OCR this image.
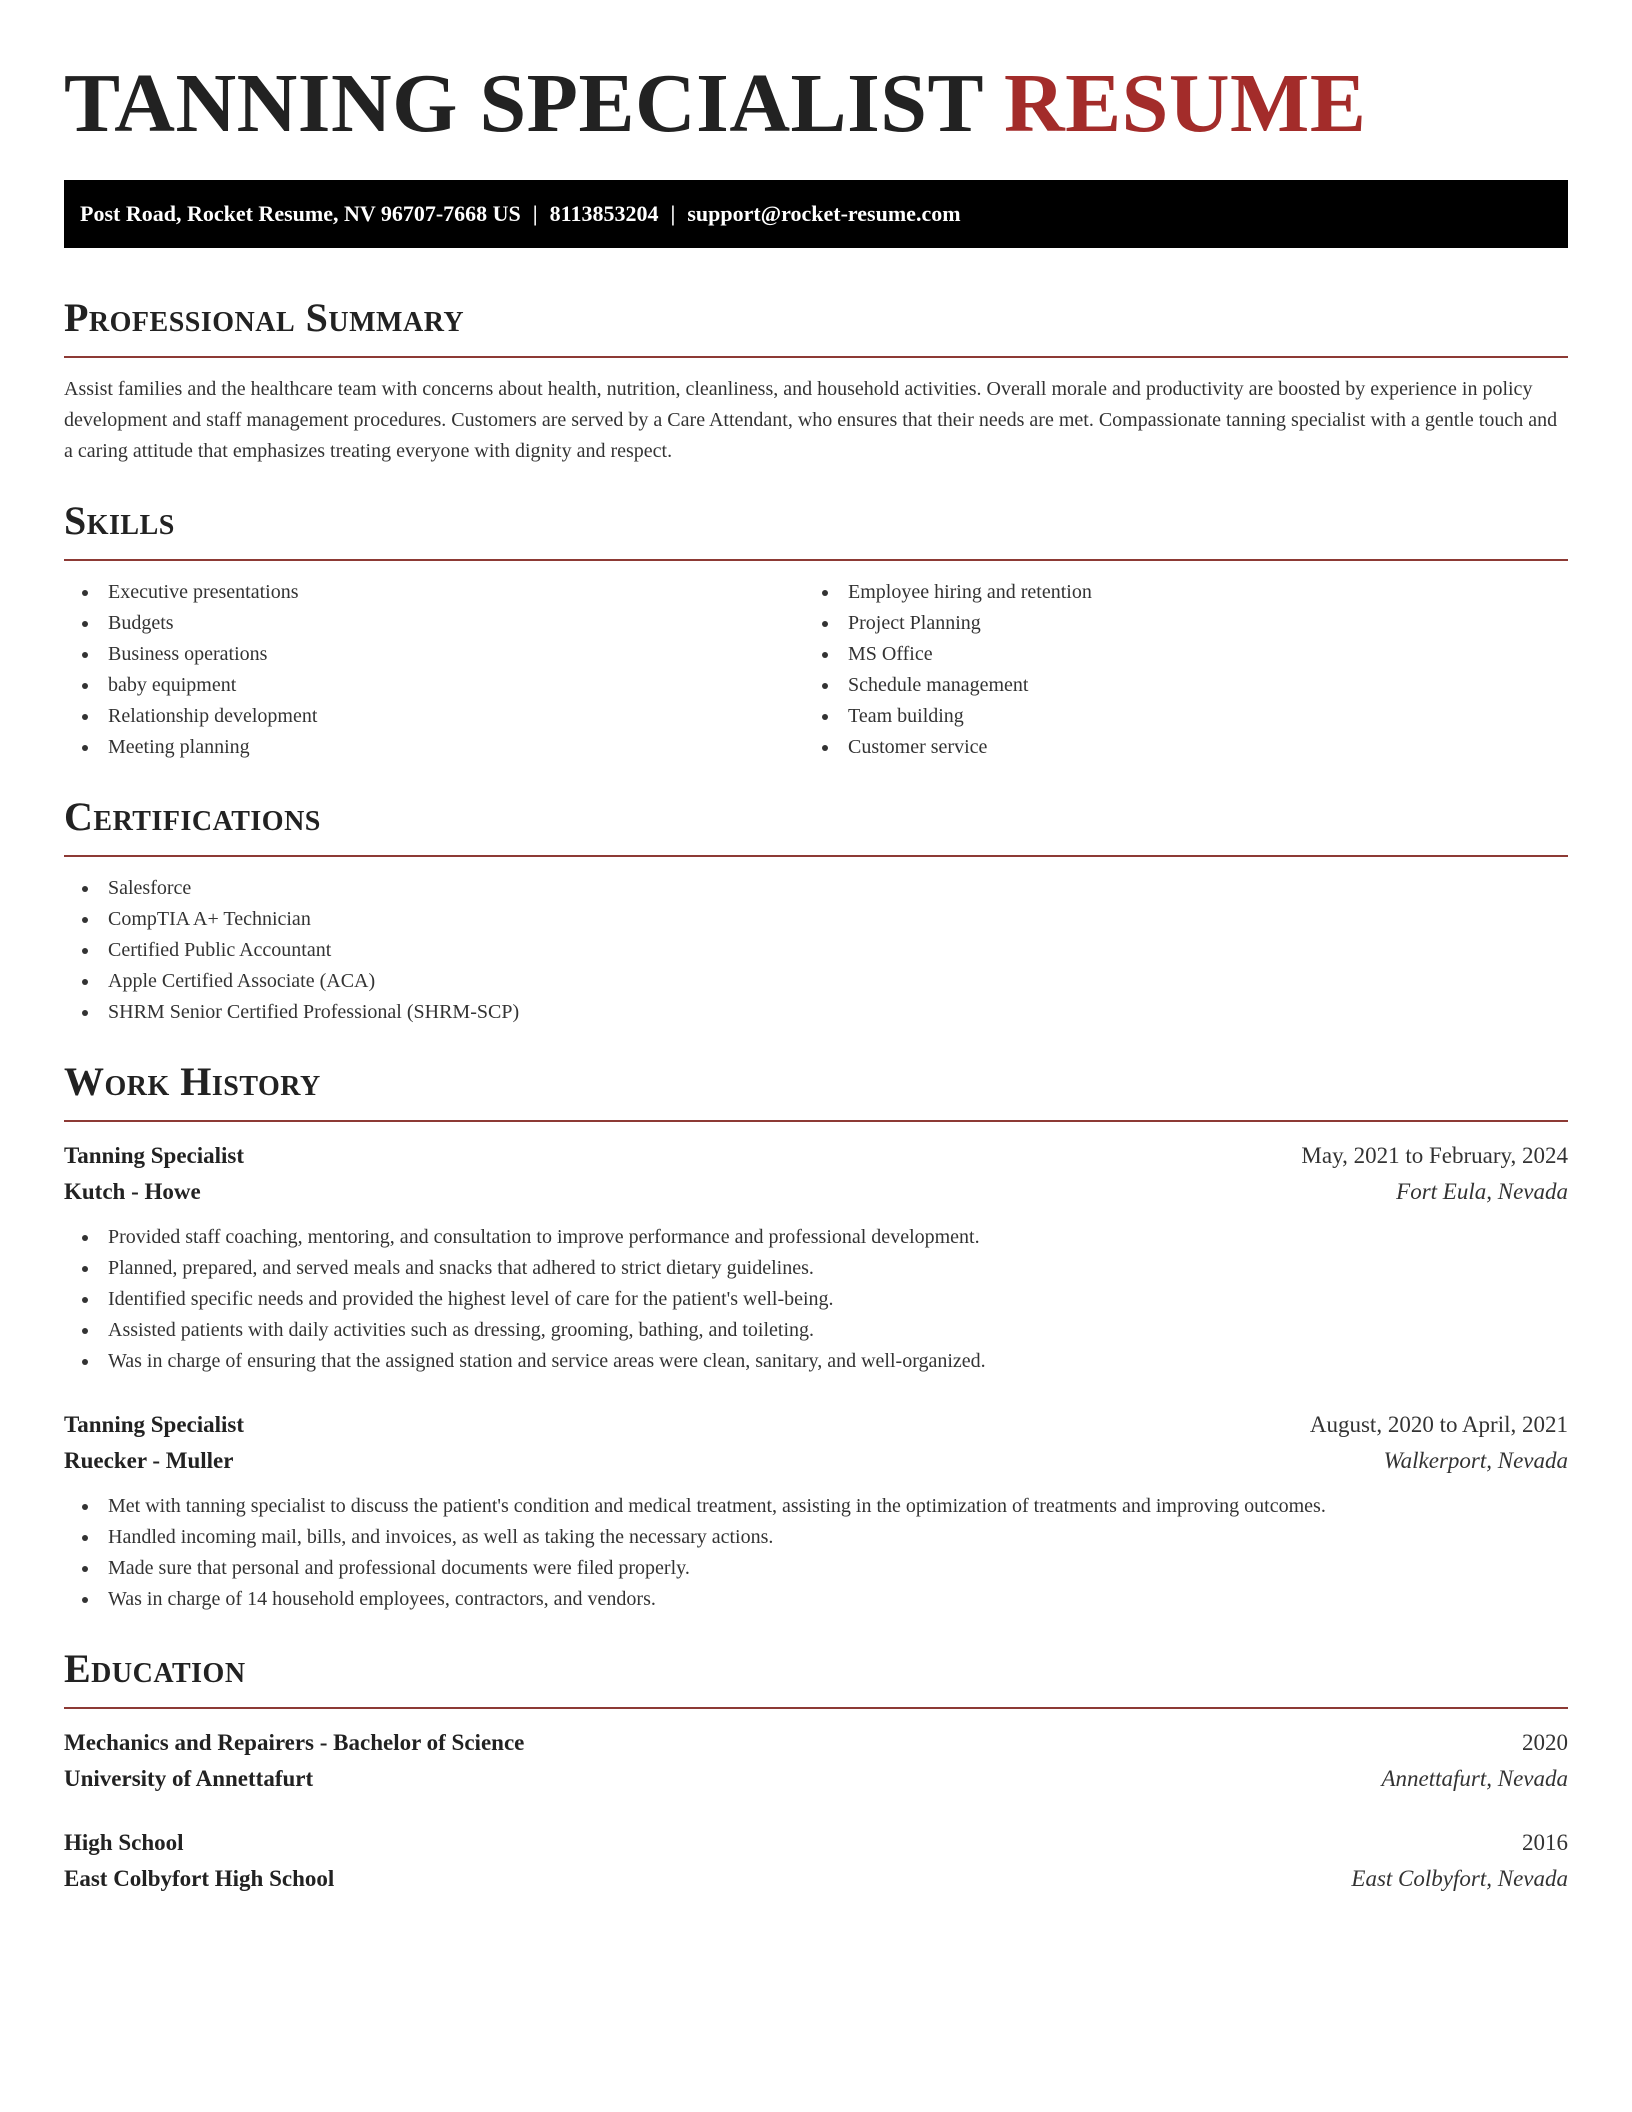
TANNING SPECIALIST RESUME
Post Road, Rocket Resume, NV 96707-7668 US | 8113853204 | support@rocket-resume.com
Professional Summary

Assist families and the healthcare team with concerns about health, nutrition, cleanliness, and household activities. Overall morale and productivity are boosted by experience in policy development and staff management procedures. Customers are served by a Care Attendant, who ensures that their needs are met. Compassionate tanning specialist with a gentle touch and a caring attitude that emphasizes treating everyone with dignity and respect.

Skills
Executive presentations
Budgets
Business operations
baby equipment
Relationship development
Meeting planning
Employee hiring and retention
Project Planning
MS Office
Schedule management
Team building
Customer service
Certifications
Salesforce
CompTIA A+ Technician
Certified Public Accountant
Apple Certified Associate (ACA)
SHRM Senior Certified Professional (SHRM-SCP)
Work History
Tanning Specialist	May, 2021 to February, 2024
Kutch - Howe	Fort Eula, Nevada
Provided staff coaching, mentoring, and consultation to improve performance and professional development.
Planned, prepared, and served meals and snacks that adhered to strict dietary guidelines.
Identified specific needs and provided the highest level of care for the patient's well-being.
Assisted patients with daily activities such as dressing, grooming, bathing, and toileting.
Was in charge of ensuring that the assigned station and service areas were clean, sanitary, and well-organized.
Tanning Specialist	August, 2020 to April, 2021
Ruecker - Muller	Walkerport, Nevada
Met with tanning specialist to discuss the patient's condition and medical treatment, assisting in the optimization of treatments and improving outcomes.
Handled incoming mail, bills, and invoices, as well as taking the necessary actions.
Made sure that personal and professional documents were filed properly.
Was in charge of 14 household employees, contractors, and vendors.
Education
Mechanics and Repairers - Bachelor of Science	2020
University of Annettafurt	Annettafurt, Nevada
High School	2016
East Colbyfort High School	East Colbyfort, Nevada
